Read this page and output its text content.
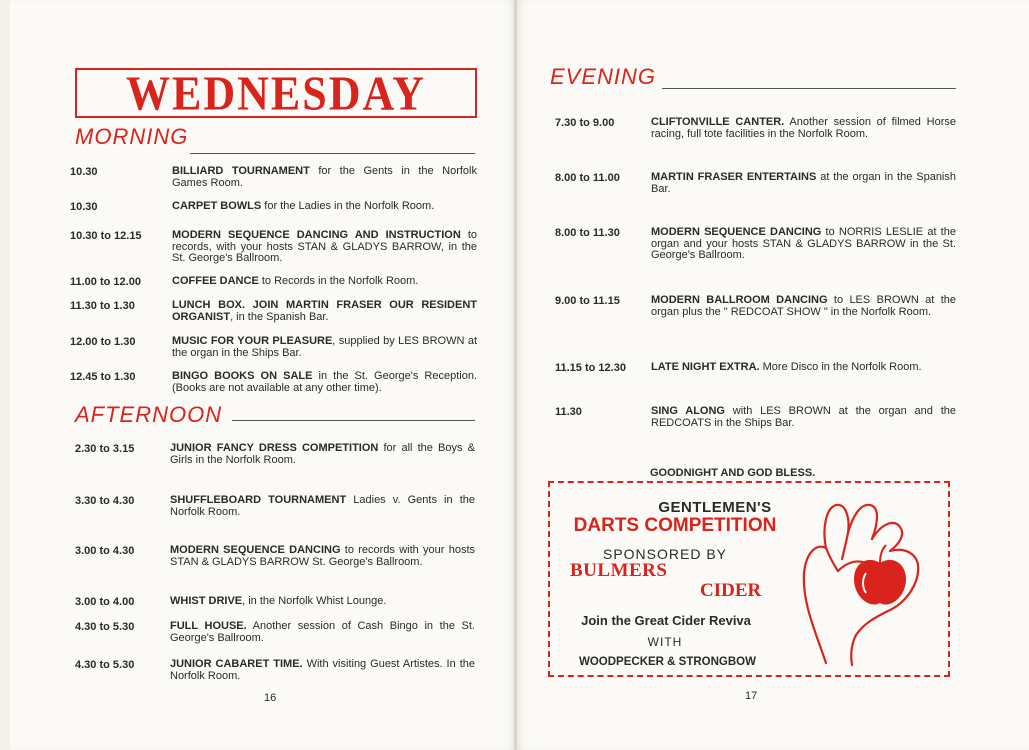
WEDNESDAY
MORNING
10.30	BILLIARD TOURNAMENT for the Gents in the Norfolk Games Room.
10.30	CARPET BOWLS for the Ladies in the Norfolk Room.
10.30 to 12.15	MODERN SEQUENCE DANCING AND INSTRUCTION to records, with your hosts STAN & GLADYS BARROW, in the St. George's Ballroom.
11.00 to 12.00	COFFEE DANCE to Records in the Norfolk Room.
11.30 to 1.30	LUNCH BOX. JOIN MARTIN FRASER OUR RESIDENT ORGANIST, in the Spanish Bar.
12.00 to 1.30	MUSIC FOR YOUR PLEASURE, supplied by LES BROWN at the organ in the Ships Bar.
12.45 to 1.30	BINGO BOOKS ON SALE in the St. George's Reception. (Books are not available at any other time).
AFTERNOON
2.30 to 3.15	JUNIOR FANCY DRESS COMPETITION for all the Boys & Girls in the Norfolk Room.
3.30 to 4.30	SHUFFLEBOARD TOURNAMENT Ladies v. Gents in the Norfolk Room.
3.00 to 4.30	MODERN SEQUENCE DANCING to records with your hosts STAN & GLADYS BARROW St. George's Ballroom.
3.00 to 4.00	WHIST DRIVE, in the Norfolk Whist Lounge.
4.30 to 5.30	FULL HOUSE. Another session of Cash Bingo in the St. George's Ballroom.
4.30 to 5.30	JUNIOR CABARET TIME. With visiting Guest Artistes. In the Norfolk Room.
16
EVENING
7.30 to 9.00	CLIFTONVILLE CANTER. Another session of filmed Horse racing, full tote facilities in the Norfolk Room.
8.00 to 11.00	MARTIN FRASER ENTERTAINS at the organ in the Spanish Bar.
8.00 to 11.30	MODERN SEQUENCE DANCING to NORRIS LESLIE at the organ and your hosts STAN & GLADYS BARROW in the St. George's Ballroom.
9.00 to 11.15	MODERN BALLROOM DANCING to LES BROWN at the organ plus the " REDCOAT SHOW " in the Norfolk Room.
11.15 to 12.30 LATE NIGHT EXTRA. More Disco in the Norfolk Room.
11.30	SING ALONG with LES BROWN at the organ and the REDCOATS in the Ships Bar.
GOODNIGHT AND GOD BLESS.
GENTLEMEN'S
DARTS COMPETITION
SPONSORED BY
BULMERS
CIDER
Join the Great Cider Reviva
WITH
WOODPECKER & STRONGBOW
17
